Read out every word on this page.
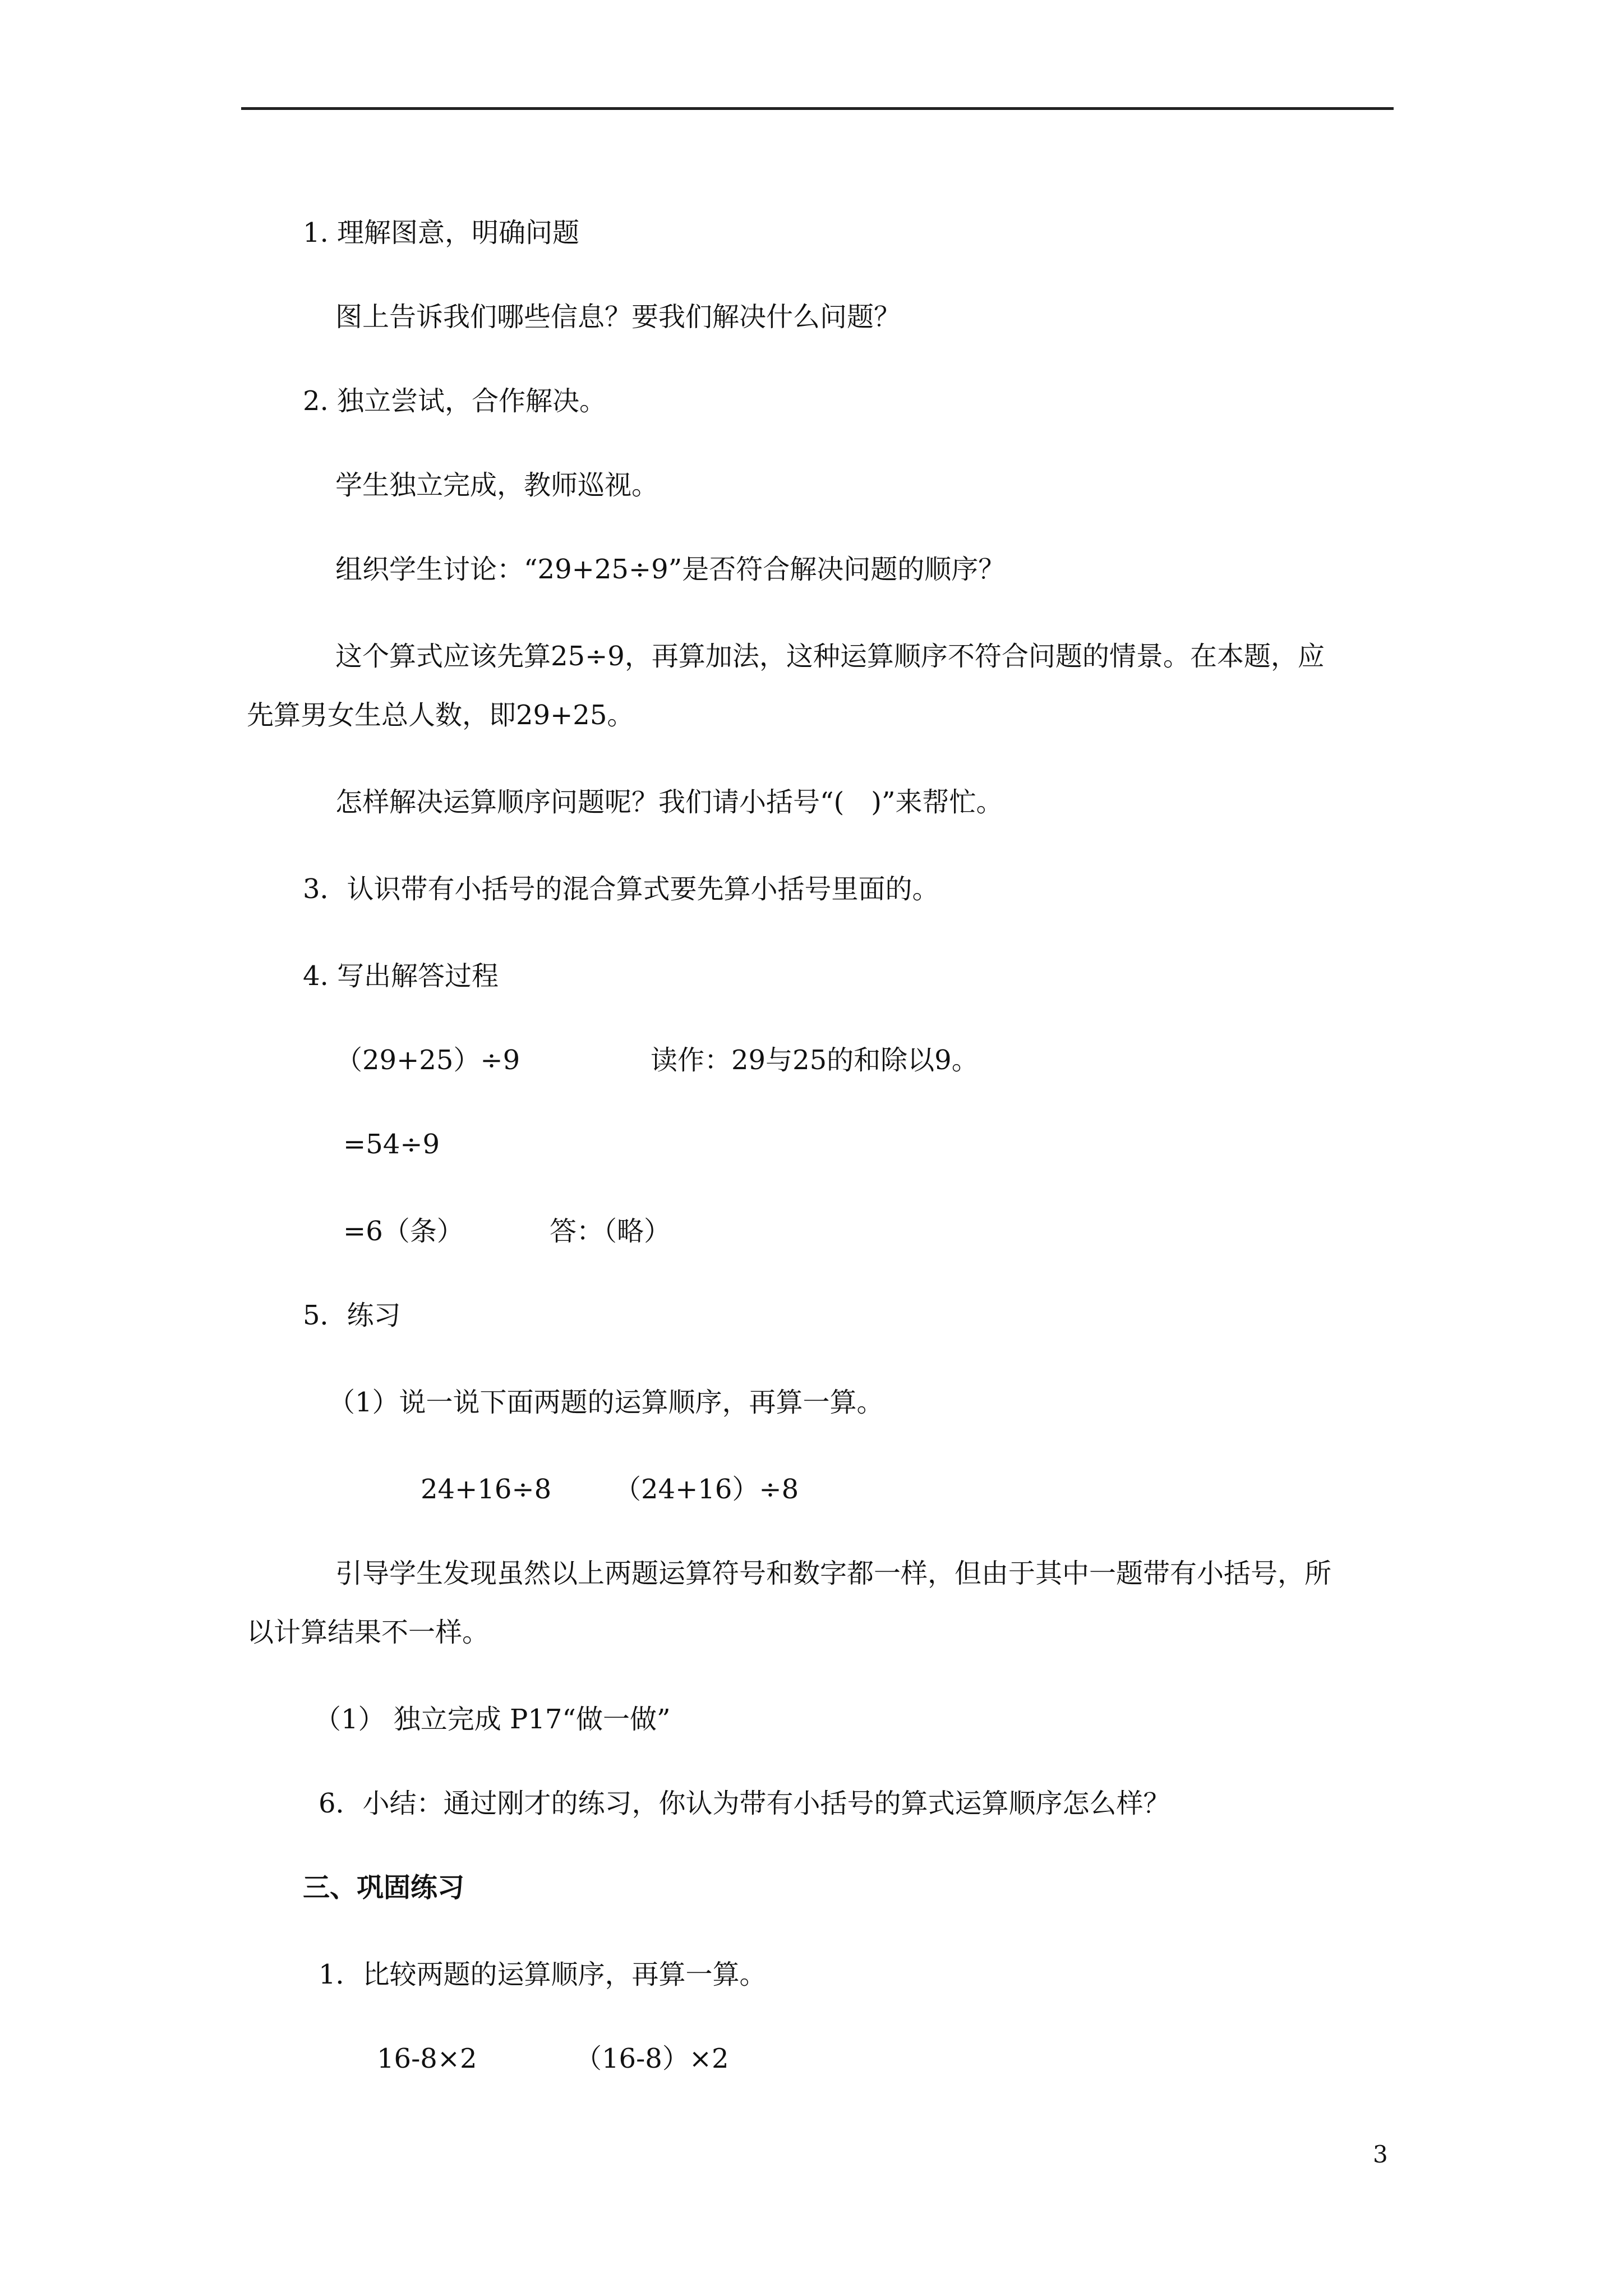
1. 理解图意，明确问题
图上告诉我们哪些信息？要我们解决什么问题？
2. 独立尝试，合作解决。
学生独立完成，教师巡视。
组织学生讨论：“29+25÷9”是否符合解决问题的顺序？
这个算式应该先算25÷9，再算加法，这种运算顺序不符合问题的情景。在本题，应
先算男女生总人数，即29+25。
怎样解决运算顺序问题呢？我们请小括号“(　)”来帮忙。
3．认识带有小括号的混合算式要先算小括号里面的。
4. 写出解答过程
（29+25）÷9	读作：29与25的和除以9。
=54÷9
=6（条）	答：（略）
5．练习
（1）说一说下面两题的运算顺序，再算一算。
24+16÷8 （24+16）÷8
引导学生发现虽然以上两题运算符号和数字都一样，但由于其中一题带有小括号，所
以计算结果不一样。
（1） 独立完成 P17“做一做”
6．小结：通过刚才的练习，你认为带有小括号的算式运算顺序怎么样？
三、巩固练习
1．比较两题的运算顺序，再算一算。
16-8×2	（16-8）×2
3
